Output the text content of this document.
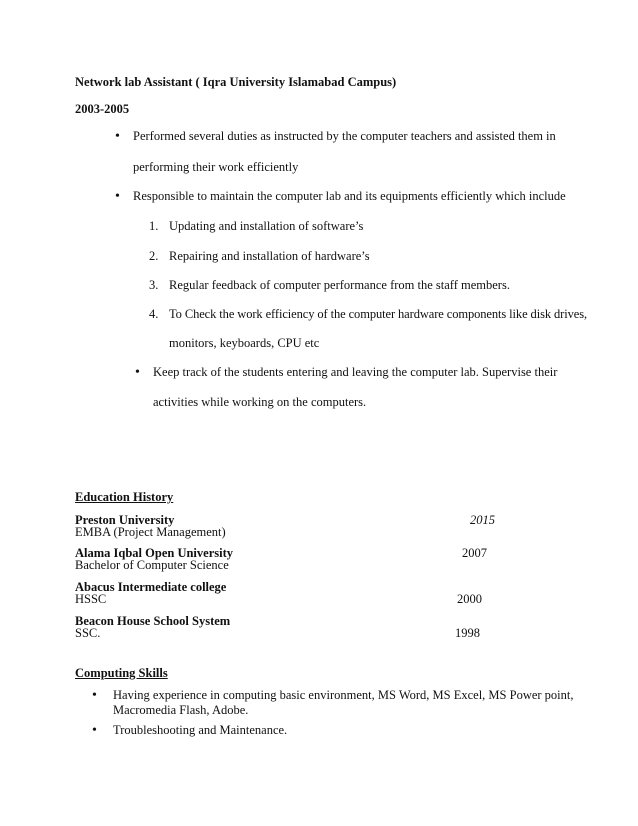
Network lab Assistant ( Iqra University Islamabad Campus)
2003-2005
• Performed several duties as instructed by the computer teachers and assisted them in
performing their work efficiently
• Responsible to maintain the computer lab and its equipments efficiently which include
1. Updating and installation of software’s
2. Repairing and installation of hardware’s
3. Regular feedback of computer performance from the staff members.
4. To Check the work efficiency of the computer hardware components like disk drives,
monitors, keyboards, CPU etc
• Keep track of the students entering and leaving the computer lab. Supervise their
activities while working on the computers.
Education History
Preston University
EMBA (Project Management)
2015
Alama Iqbal Open University
Bachelor of Computer Science
2007
Abacus Intermediate college
HSSC	2000
Beacon House School System
SSC.	1998
Computing Skills
• Having experience in computing basic environment, MS Word, MS Excel, MS Power point,
Macromedia Flash, Adobe.
• Troubleshooting and Maintenance.
